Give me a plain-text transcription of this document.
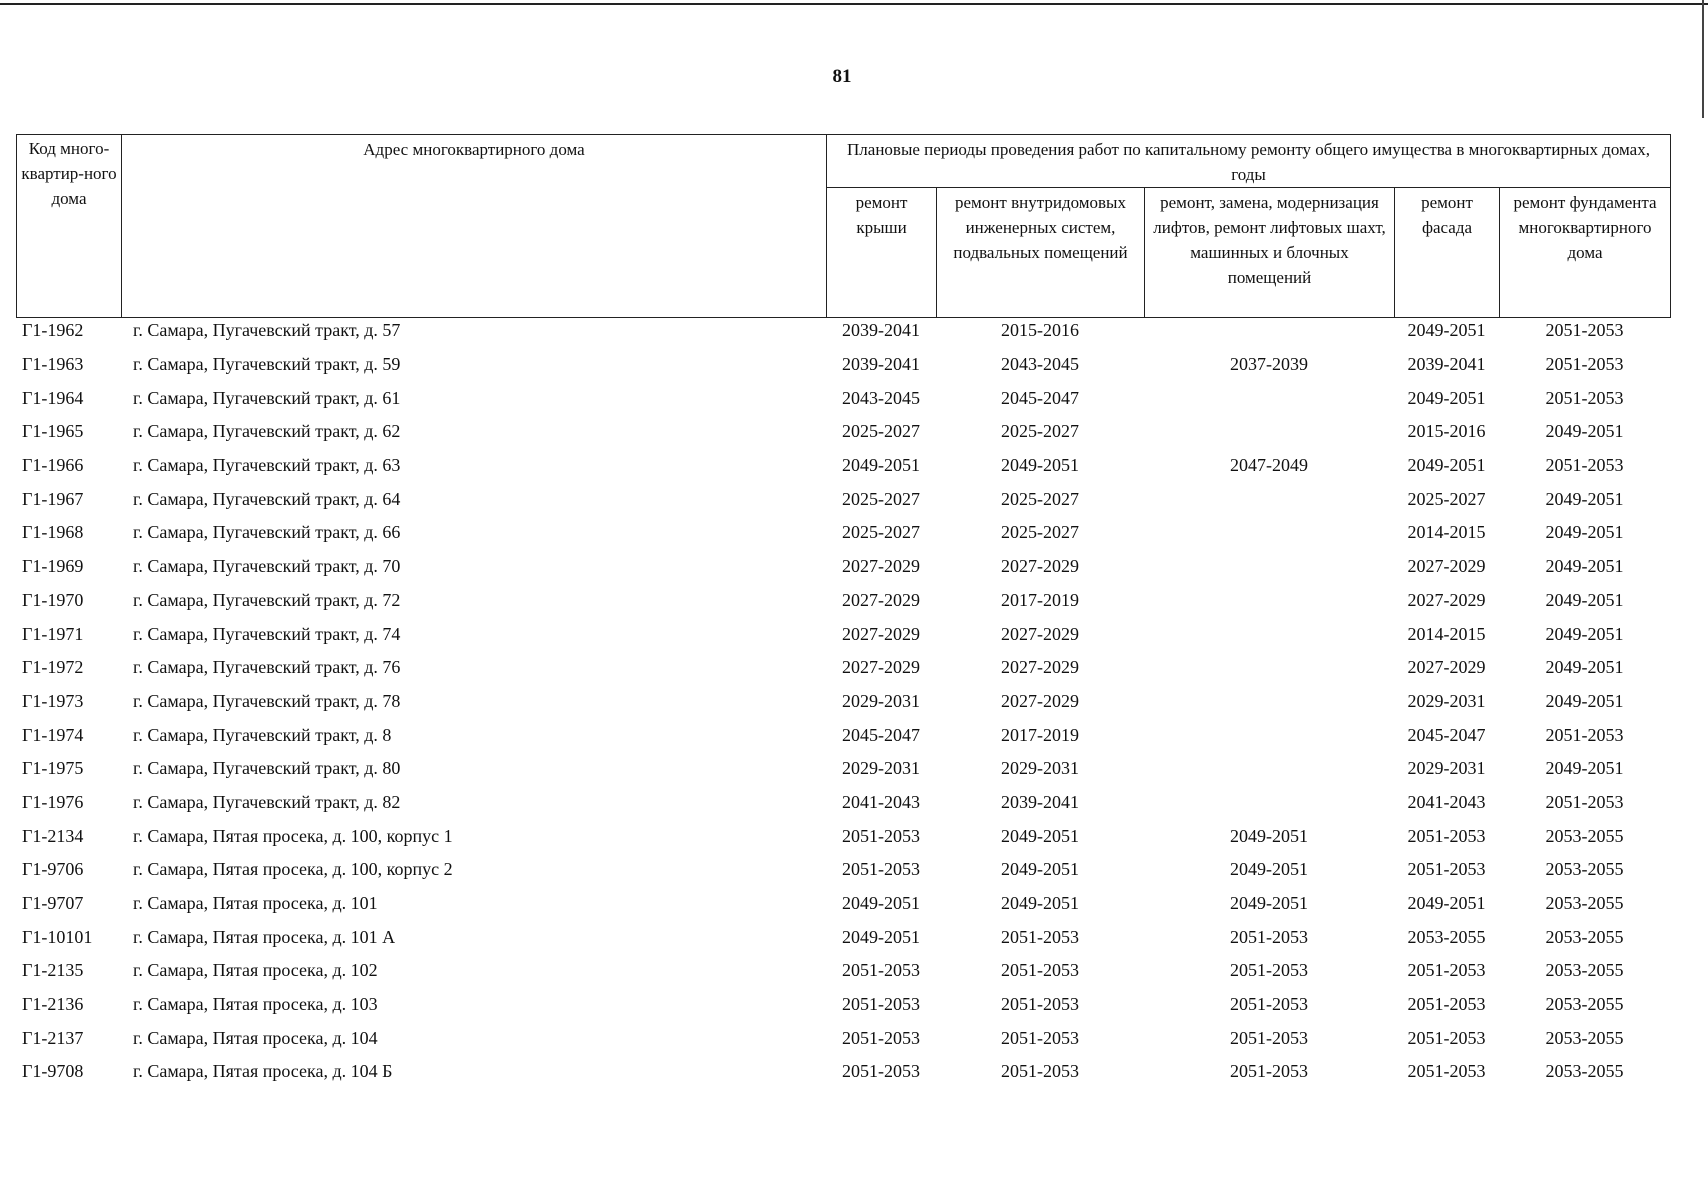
81
Код много-квартир-ного дома	Адрес многоквартирного дома	Плановые периоды проведения работ по капитальному ремонту общего имущества в многоквартирных домах, годы				
		ремонт крыши	ремонт внутридомовых инженерных систем, подвальных помещений	ремонт, замена, модернизация лифтов, ремонт лифтовых шахт, машинных и блочных помещений	ремонт фасада	ремонт фундамента многоквартирного дома
Г1-1962	г. Самара, Пугачевский тракт, д. 57	2039-2041	2015-2016		2049-2051	2051-2053
Г1-1963	г. Самара, Пугачевский тракт, д. 59	2039-2041	2043-2045	2037-2039	2039-2041	2051-2053
Г1-1964	г. Самара, Пугачевский тракт, д. 61	2043-2045	2045-2047		2049-2051	2051-2053
Г1-1965	г. Самара, Пугачевский тракт, д. 62	2025-2027	2025-2027		2015-2016	2049-2051
Г1-1966	г. Самара, Пугачевский тракт, д. 63	2049-2051	2049-2051	2047-2049	2049-2051	2051-2053
Г1-1967	г. Самара, Пугачевский тракт, д. 64	2025-2027	2025-2027		2025-2027	2049-2051
Г1-1968	г. Самара, Пугачевский тракт, д. 66	2025-2027	2025-2027		2014-2015	2049-2051
Г1-1969	г. Самара, Пугачевский тракт, д. 70	2027-2029	2027-2029		2027-2029	2049-2051
Г1-1970	г. Самара, Пугачевский тракт, д. 72	2027-2029	2017-2019		2027-2029	2049-2051
Г1-1971	г. Самара, Пугачевский тракт, д. 74	2027-2029	2027-2029		2014-2015	2049-2051
Г1-1972	г. Самара, Пугачевский тракт, д. 76	2027-2029	2027-2029		2027-2029	2049-2051
Г1-1973	г. Самара, Пугачевский тракт, д. 78	2029-2031	2027-2029		2029-2031	2049-2051
Г1-1974	г. Самара, Пугачевский тракт, д. 8	2045-2047	2017-2019		2045-2047	2051-2053
Г1-1975	г. Самара, Пугачевский тракт, д. 80	2029-2031	2029-2031		2029-2031	2049-2051
Г1-1976	г. Самара, Пугачевский тракт, д. 82	2041-2043	2039-2041		2041-2043	2051-2053
Г1-2134	г. Самара, Пятая просека, д. 100, корпус 1	2051-2053	2049-2051	2049-2051	2051-2053	2053-2055
Г1-9706	г. Самара, Пятая просека, д. 100, корпус 2	2051-2053	2049-2051	2049-2051	2051-2053	2053-2055
Г1-9707	г. Самара, Пятая просека, д. 101	2049-2051	2049-2051	2049-2051	2049-2051	2053-2055
Г1-10101	г. Самара, Пятая просека, д. 101 А	2049-2051	2051-2053	2051-2053	2053-2055	2053-2055
Г1-2135	г. Самара, Пятая просека, д. 102	2051-2053	2051-2053	2051-2053	2051-2053	2053-2055
Г1-2136	г. Самара, Пятая просека, д. 103	2051-2053	2051-2053	2051-2053	2051-2053	2053-2055
Г1-2137	г. Самара, Пятая просека, д. 104	2051-2053	2051-2053	2051-2053	2051-2053	2053-2055
Г1-9708	г. Самара, Пятая просека, д. 104 Б	2051-2053	2051-2053	2051-2053	2051-2053	2053-2055
